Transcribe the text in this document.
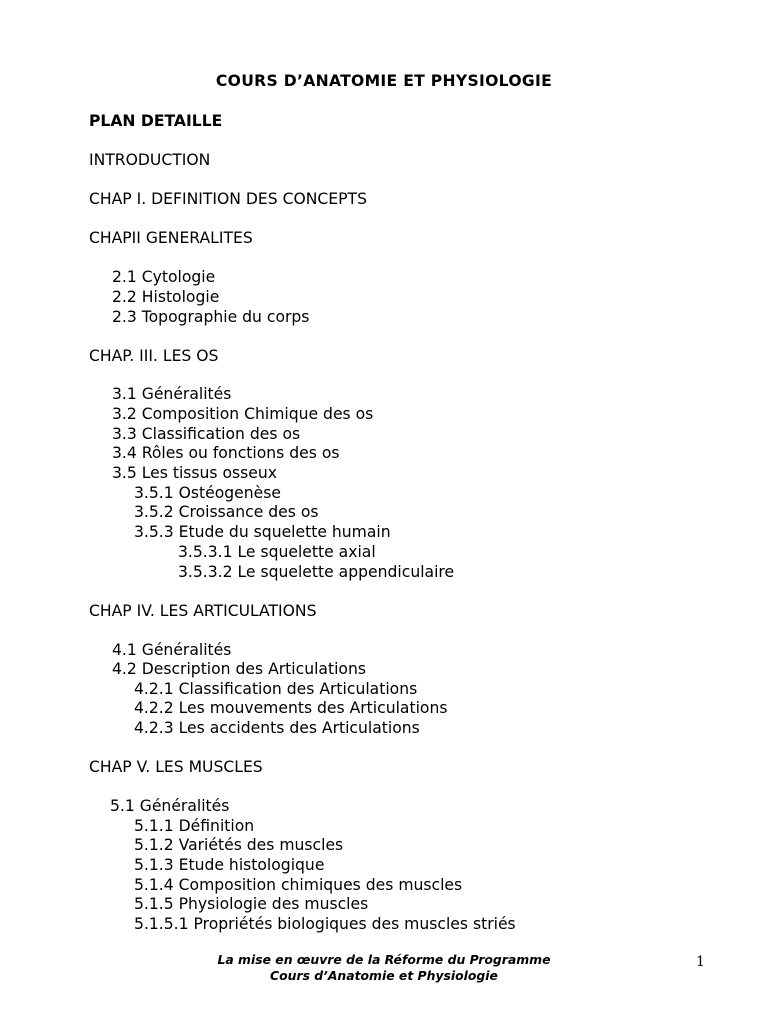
COURS D’ANATOMIE ET PHYSIOLOGIE
PLAN DETAILLE
INTRODUCTION
CHAP I. DEFINITION DES CONCEPTS
CHAPII GENERALITES
2.1 Cytologie
2.2 Histologie
2.3 Topographie du corps
CHAP. III. LES OS
3.1 Généralités
3.2 Composition Chimique des os
3.3 Classification des os
3.4 Rôles ou fonctions des os
3.5 Les tissus osseux
3.5.1 Ostéogenèse
3.5.2 Croissance des os
3.5.3 Etude du squelette humain
3.5.3.1 Le squelette axial
3.5.3.2 Le squelette appendiculaire
CHAP IV. LES ARTICULATIONS
4.1 Généralités
4.2 Description des Articulations
4.2.1 Classification des Articulations
4.2.2 Les mouvements des Articulations
4.2.3 Les accidents des Articulations
CHAP V. LES MUSCLES
5.1 Généralités
5.1.1 Définition
5.1.2 Variétés des muscles
5.1.3 Etude histologique
5.1.4 Composition chimiques des muscles
5.1.5 Physiologie des muscles
5.1.5.1 Propriétés biologiques des muscles striés
La mise en œuvre de la Réforme du Programme
Cours d’Anatomie et Physiologie
1
